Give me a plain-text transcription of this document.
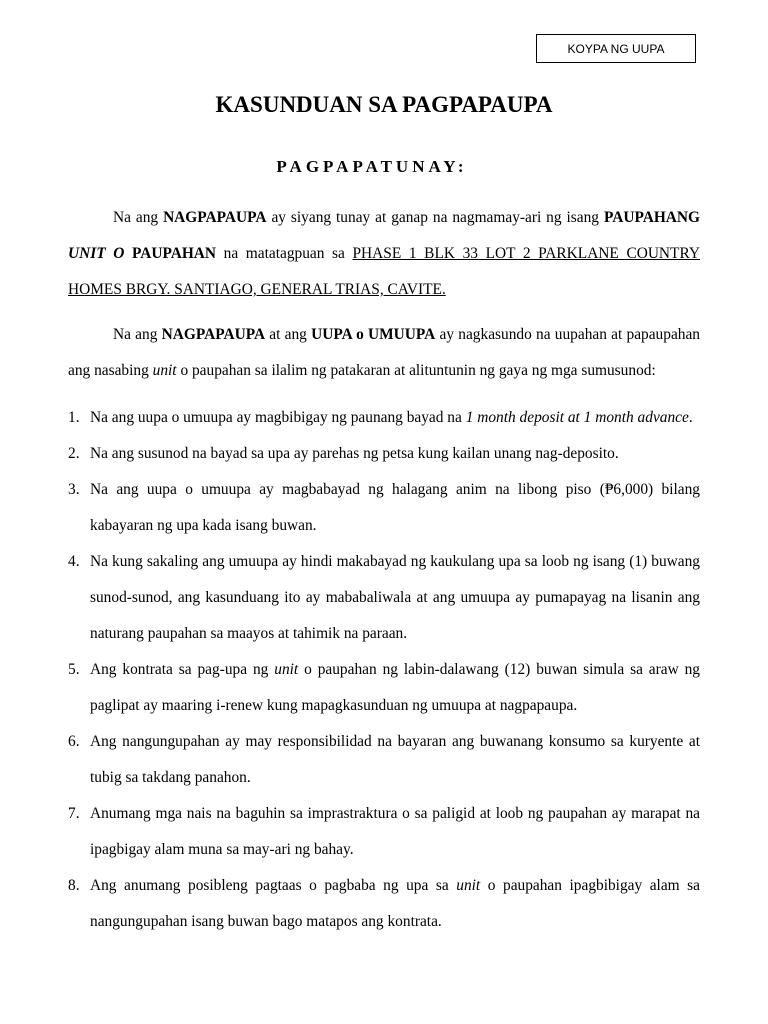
KOYPA NG UUPA
KASUNDUAN SA PAGPAPAUPA
PAGPAPATUNAY:

Na ang NAGPAPAUPA ay siyang tunay at ganap na nagmamay-ari ng isang PAUPAHANG UNIT O PAUPAHAN na matatagpuan sa PHASE 1 BLK 33 LOT 2 PARKLANE COUNTRY HOMES BRGY. SANTIAGO, GENERAL TRIAS, CAVITE.

Na ang NAGPAPAUPA at ang UUPA o UMUUPA ay nagkasundo na uupahan at papaupahan ang nasabing unit o paupahan sa ilalim ng patakaran at alituntunin ng gaya ng mga sumusunod:

1. Na ang uupa o umuupa ay magbibigay ng paunang bayad na 1 month deposit at 1 month advance.
2. Na ang susunod na bayad sa upa ay parehas ng petsa kung kailan unang nag-deposito.
3. Na ang uupa o umuupa ay magbabayad ng halagang anim na libong piso (₱6,000) bilang kabayaran ng upa kada isang buwan.
4. Na kung sakaling ang umuupa ay hindi makabayad ng kaukulang upa sa loob ng isang (1) buwang sunod-sunod, ang kasunduang ito ay mababaliwala at ang umuupa ay pumapayag na lisanin ang naturang paupahan sa maayos at tahimik na paraan.
5. Ang kontrata sa pag-upa ng unit o paupahan ng labin-dalawang (12) buwan simula sa araw ng paglipat ay maaring i-renew kung mapagkasunduan ng umuupa at nagpapaupa.
6. Ang nangungupahan ay may responsibilidad na bayaran ang buwanang konsumo sa kuryente at tubig sa takdang panahon.
7. Anumang mga nais na baguhin sa imprastraktura o sa paligid at loob ng paupahan ay marapat na ipagbigay alam muna sa may-ari ng bahay.
8. Ang anumang posibleng pagtaas o pagbaba ng upa sa unit o paupahan ipagbibigay alam sa nangungupahan isang buwan bago matapos ang kontrata.
